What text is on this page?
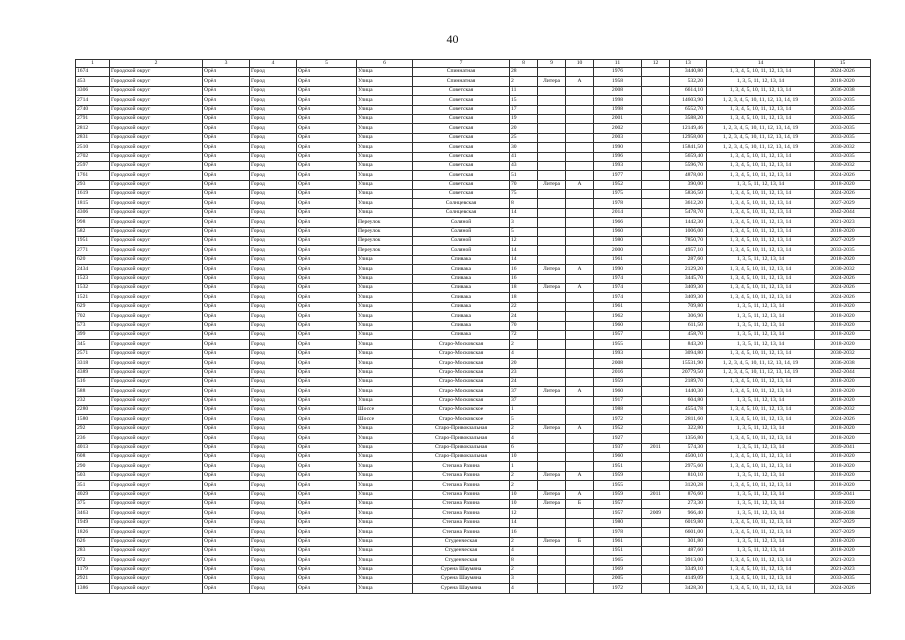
40
1	2	3	4	5	6	7	8	9	10	11	12	13	14	15
1674	Городской округ	Орёл	Город	Орёл	Улица	Спиннатная	28			1976		3440,80	1, 3, 4, 5, 10, 11, 12, 13, 14	2024-2026
453	Городской округ	Орёл	Город	Орёл	Улица	Спиннатная	2	Литера	А	1958		532,20	1, 3, 5, 11, 12, 13, 14	2018-2020
3306	Городской округ	Орёл	Город	Орёл	Улица	Советская	11			2008		6614,10	1, 3, 4, 5, 10, 11, 12, 13, 14	2036-2038
2714	Городской округ	Орёл	Город	Орёл	Улица	Советская	15			1998		14603,90	1, 2, 3, 4, 5, 10, 11, 12, 13, 14, 19	2033-2035
2740	Городской округ	Орёл	Город	Орёл	Улица	Советская	17			1998		6552,70	1, 3, 4, 5, 10, 11, 12, 13, 14	2033-2035
2791	Городской округ	Орёл	Город	Орёл	Улица	Советская	19			2001		3588,20	1, 3, 4, 5, 10, 11, 12, 13, 14	2033-2035
2812	Городской округ	Орёл	Город	Орёл	Улица	Советская	20			2002		12149,46	1, 2, 3, 4, 5, 10, 11, 12, 13, 14, 19	2033-2035
2831	Городской округ	Орёл	Город	Орёл	Улица	Советская	25			2003		12958,00	1, 2, 3, 4, 5, 10, 11, 12, 13, 14, 19	2033-2035
2510	Городской округ	Орёл	Город	Орёл	Улица	Советская	30			1990		15841,50	1, 2, 3, 4, 5, 10, 11, 12, 13, 14, 19	2030-2032
2702	Городской округ	Орёл	Город	Орёл	Улица	Советская	41			1996		5659,40	1, 3, 4, 5, 10, 11, 12, 13, 14	2033-2035
2597	Городской округ	Орёл	Город	Орёл	Улица	Советская	43			1993		5596,70	1, 3, 4, 5, 10, 11, 12, 13, 14	2030-2032
1761	Городской округ	Орёл	Город	Орёл	Улица	Советская	51			1977		4878,00	1, 3, 4, 5, 10, 11, 12, 13, 14	2024-2026
293	Городской округ	Орёл	Город	Орёл	Улица	Советская	70	Литера	А	1952		390,00	1, 3, 5, 11, 12, 13, 14	2018-2020
1619	Городской округ	Орёл	Город	Орёл	Улица	Советская	75			1975		5836,50	1, 3, 4, 5, 10, 11, 12, 13, 14	2024-2026
1815	Городской округ	Орёл	Город	Орёл	Улица	Солнцевская	8			1978		3612,20	1, 3, 4, 5, 10, 11, 12, 13, 14	2027-2029
4306	Городской округ	Орёл	Город	Орёл	Улица	Солнцевская	14			2014		5478,70	1, 3, 4, 5, 10, 11, 12, 13, 14	2042-2044
998	Городской округ	Орёл	Город	Орёл	Переулок	Соляной	3			1966		1442,30	1, 3, 4, 5, 10, 11, 12, 13, 14	2021-2023
582	Городской округ	Орёл	Город	Орёл	Переулок	Соляной	5			1960		1006,00	1, 3, 4, 5, 10, 11, 12, 13, 14	2018-2020
1951	Городской округ	Орёл	Город	Орёл	Переулок	Соляной	12			1980		7850,70	1, 3, 4, 5, 10, 11, 12, 13, 14	2027-2029
2771	Городской округ	Орёл	Город	Орёл	Переулок	Соляной	14			2000		4957,10	1, 3, 4, 5, 10, 11, 12, 13, 14	2033-2035
620	Городской округ	Орёл	Город	Орёл	Улица	Спивака	14			1961		287,60	1, 3, 5, 11, 12, 13, 14	2018-2020
2434	Городской округ	Орёл	Город	Орёл	Улица	Спивака	16	Литера	А	1990		2129,20	1, 3, 4, 5, 10, 11, 12, 13, 14	2030-2032
1523	Городской округ	Орёл	Город	Орёл	Улица	Спивака	16			1974		3445,70	1, 3, 4, 5, 10, 11, 12, 13, 14	2024-2026
1532	Городской округ	Орёл	Город	Орёл	Улица	Спивака	18	Литера	А	1974		3409,30	1, 3, 4, 5, 10, 11, 12, 13, 14	2024-2026
1521	Городской округ	Орёл	Город	Орёл	Улица	Спивака	18			1974		3409,30	1, 3, 4, 5, 10, 11, 12, 13, 14	2024-2026
629	Городской округ	Орёл	Город	Орёл	Улица	Спивака	22			1961		709,80	1, 3, 5, 11, 12, 13, 14	2018-2020
702	Городской округ	Орёл	Город	Орёл	Улица	Спивака	24			1962		306,90	1, 3, 5, 11, 12, 13, 14	2018-2020
573	Городской округ	Орёл	Город	Орёл	Улица	Спивака	70			1960		611,50	1, 3, 5, 11, 12, 13, 14	2018-2020
399	Городской округ	Орёл	Город	Орёл	Улица	Спивака	72			1957		458,70	1, 3, 5, 11, 12, 13, 14	2018-2020
345	Городской округ	Орёл	Город	Орёл	Улица	Старо-Московская	2			1955		843,20	1, 3, 5, 11, 12, 13, 14	2018-2020
2571	Городской округ	Орёл	Город	Орёл	Улица	Старо-Московская	4			1993		3094,80	1, 3, 4, 5, 10, 11, 12, 13, 14	2030-2032
3318	Городской округ	Орёл	Город	Орёл	Улица	Старо-Московская	20			2008		15531,90	1, 2, 3, 4, 5, 10, 11, 12, 13, 14, 19	2036-2038
4389	Городской округ	Орёл	Город	Орёл	Улица	Старо-Московская	23			2016		20779,50	1, 2, 3, 4, 5, 10, 11, 12, 13, 14, 19	2042-2044
516	Городской округ	Орёл	Город	Орёл	Улица	Старо-Московская	24			1959		2189,70	1, 3, 4, 5, 10, 11, 12, 13, 14	2018-2020
588	Городской округ	Орёл	Город	Орёл	Улица	Старо-Московская	37	Литера	А	1960		1440,30	1, 3, 4, 5, 10, 11, 12, 13, 14	2018-2020
232	Городской округ	Орёл	Город	Орёл	Улица	Старо-Московская	37			1917		604,80	1, 3, 5, 11, 12, 13, 14	2018-2020
2280	Городской округ	Орёл	Город	Орёл	Шоссе	Старо-Московское	1			1988		4554,78	1, 3, 4, 5, 10, 11, 12, 13, 14	2030-2032
1580	Городской округ	Орёл	Город	Орёл	Шоссе	Старо-Московское	5			1972		2811,60	1, 3, 4, 5, 10, 11, 12, 13, 14	2024-2026
292	Городской округ	Орёл	Город	Орёл	Улица	Старо-Привокзальная	2	Литера	А	1952		322,80	1, 3, 5, 11, 12, 13, 14	2018-2020
236	Городской округ	Орёл	Город	Орёл	Улица	Старо-Привокзальная	4			1927		1356,80	1, 3, 4, 5, 10, 11, 12, 13, 14	2018-2020
4013	Городской округ	Орёл	Город	Орёл	Улица	Старо-Привокзальная	6			1937	2011	574,30	1, 3, 5, 11, 12, 13, 14	2039-2041
608	Городской округ	Орёл	Город	Орёл	Улица	Старо-Привокзальная	10			1960		4500,10	1, 3, 4, 5, 10, 11, 12, 13, 14	2018-2020
290	Городской округ	Орёл	Город	Орёл	Улица	Степана Разина	1			1951		2975,60	1, 3, 4, 5, 10, 11, 12, 13, 14	2018-2020
503	Городской округ	Орёл	Город	Орёл	Улица	Степана Разина	2	Литера	А	1959		810,10	1, 3, 5, 11, 12, 13, 14	2018-2020
351	Городской округ	Орёл	Город	Орёл	Улица	Степана Разина	2			1955		3120,28	1, 3, 4, 5, 10, 11, 12, 13, 14	2018-2020
4029	Городской округ	Орёл	Город	Орёл	Улица	Степана Разина	10	Литера	А	1959	2011	876,60	1, 3, 5, 11, 12, 13, 14	2039-2041
375	Городской округ	Орёл	Город	Орёл	Улица	Степана Разина	10	Литера	Б	1957		273,30	1, 3, 5, 11, 12, 13, 14	2018-2020
3463	Городской округ	Орёл	Город	Орёл	Улица	Степана Разина	12			1957	2009	966,40	1, 3, 5, 11, 12, 13, 14	2036-2038
1949	Городской округ	Орёл	Город	Орёл	Улица	Степана Разина	14			1980		6019,80	1, 3, 4, 5, 10, 11, 12, 13, 14	2027-2029
1826	Городской округ	Орёл	Город	Орёл	Улица	Степана Разина	16			1978		6601,00	1, 3, 4, 5, 10, 11, 12, 13, 14	2027-2029
626	Городской округ	Орёл	Город	Орёл	Улица	Студенческая	2	Литера	Б	1961		301,80	1, 3, 5, 11, 12, 13, 14	2018-2020
283	Городской округ	Орёл	Город	Орёл	Улица	Студенческая	4			1951		487,60	1, 3, 5, 11, 12, 13, 14	2018-2020
972	Городской округ	Орёл	Город	Орёл	Улица	Студенческая	8			1965		3913,00	1, 3, 4, 5, 10, 11, 12, 13, 14	2021-2023
1179	Городской округ	Орёл	Город	Орёл	Улица	Сурена Шаумяна	2			1969		3349,10	1, 3, 4, 5, 10, 11, 12, 13, 14	2021-2023
2921	Городской округ	Орёл	Город	Орёл	Улица	Сурена Шаумяна	3			2005		4149,09	1, 3, 4, 5, 10, 11, 12, 13, 14	2033-2035
1386	Городской округ	Орёл	Город	Орёл	Улица	Сурена Шаумяна	4			1972		3428,30	1, 3, 4, 5, 10, 11, 12, 13, 14	2024-2026
